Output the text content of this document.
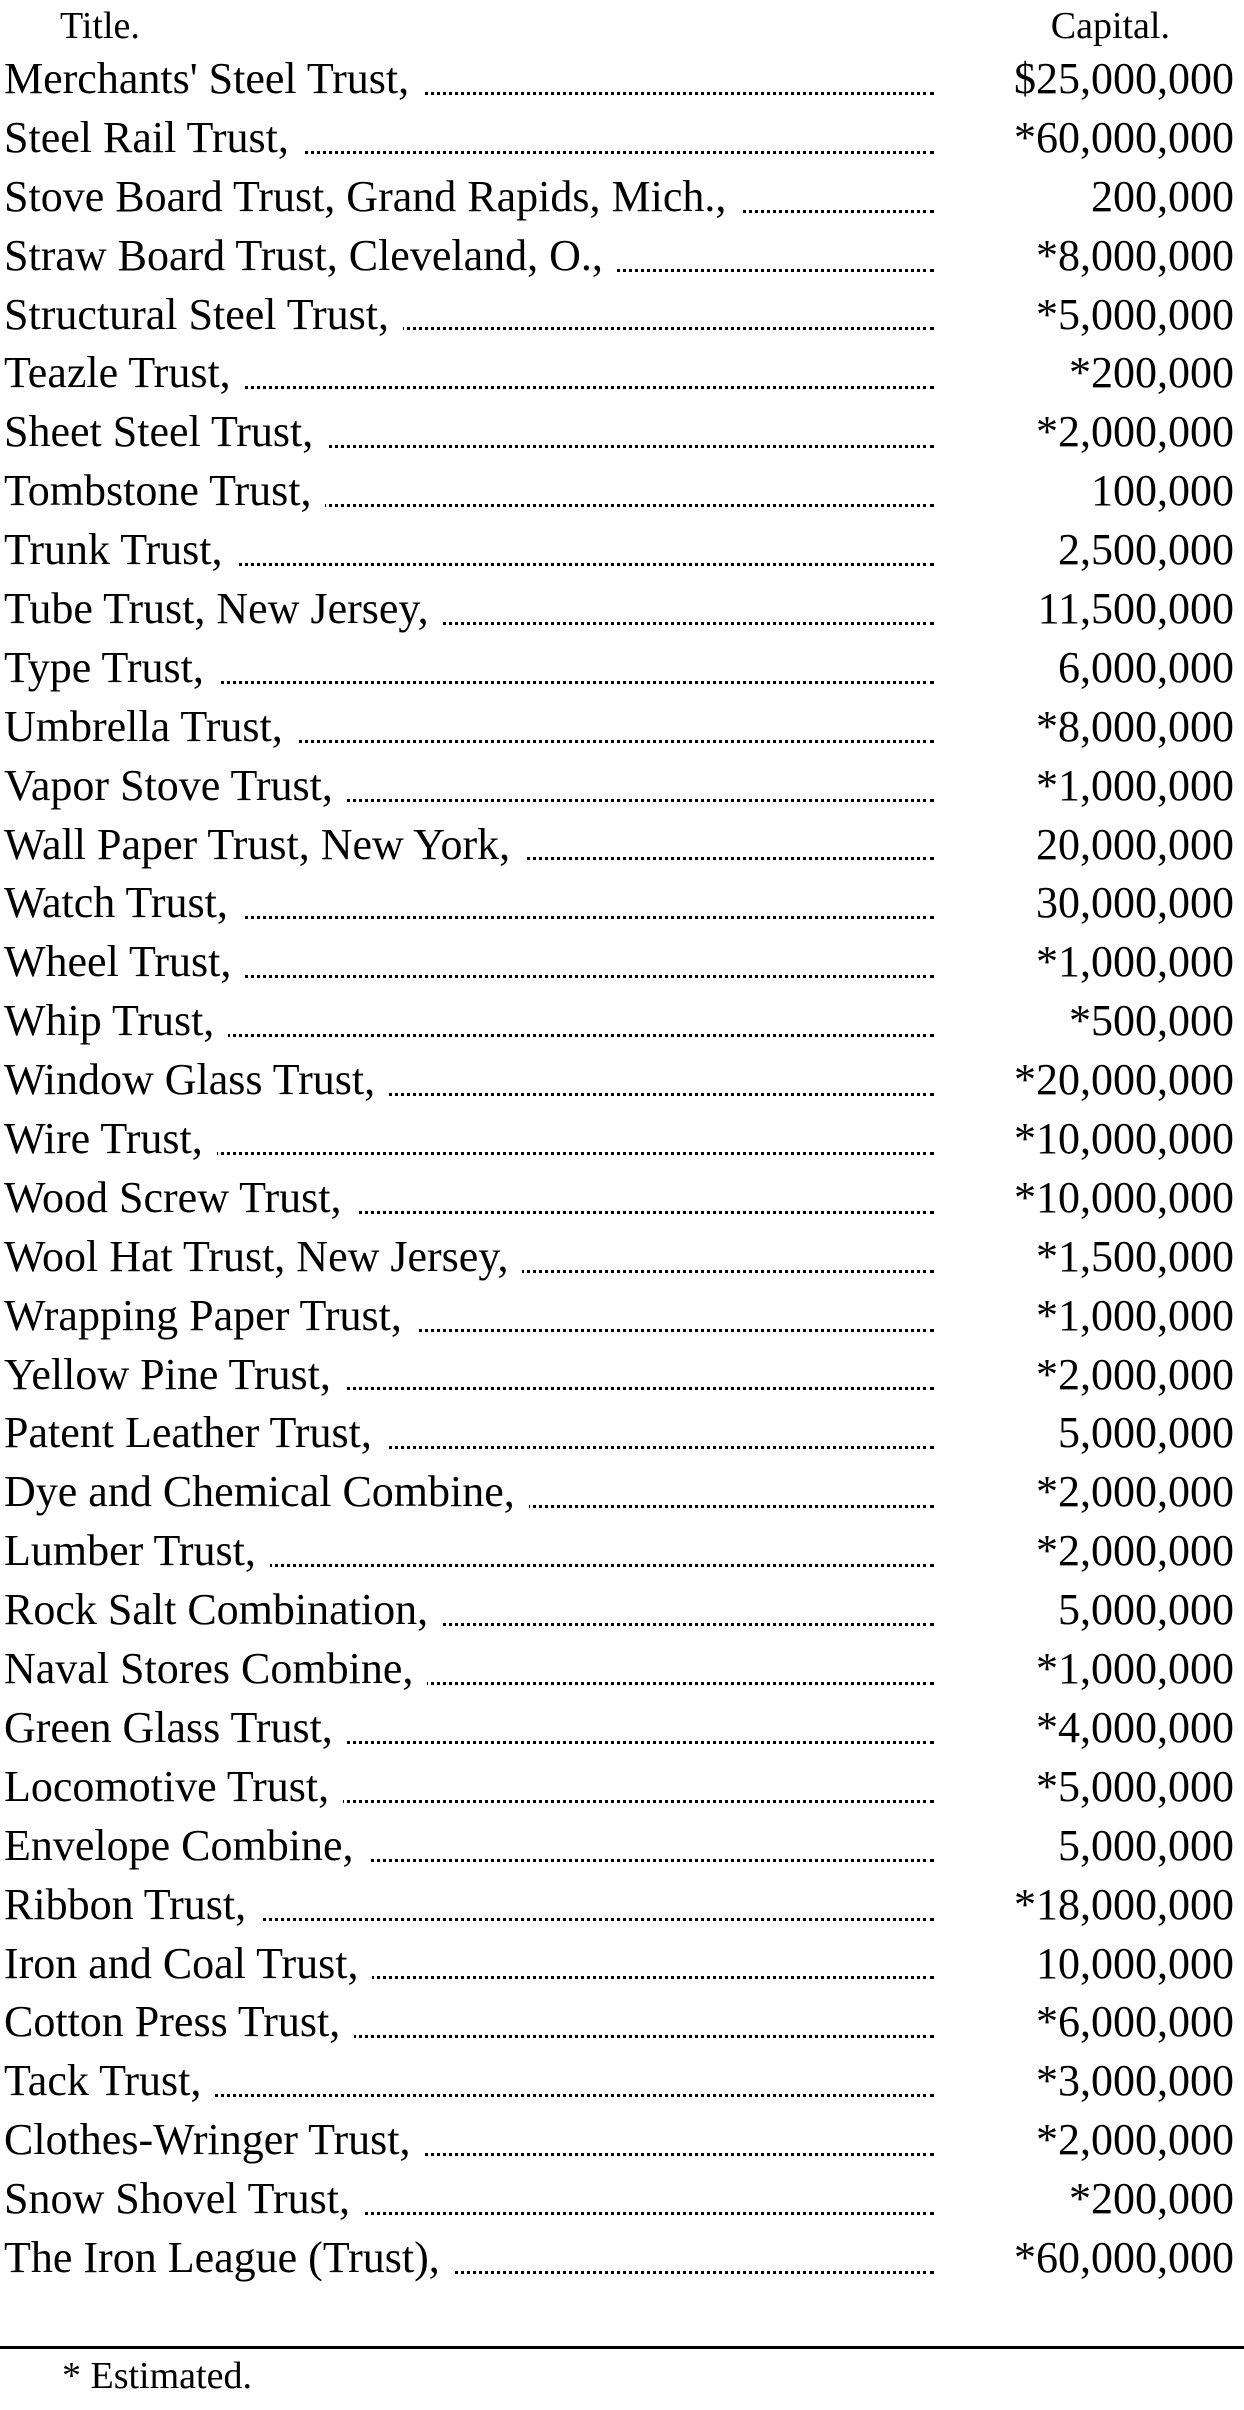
Title.	Capital.
Merchants' Steel Trust,	$25,000,000
Steel Rail Trust,	*60,000,000
Stove Board Trust, Grand Rapids, Mich.,	200,000
Straw Board Trust, Cleveland, O.,	*8,000,000
Structural Steel Trust,	*5,000,000
Teazle Trust,	*200,000
Sheet Steel Trust,	*2,000,000
Tombstone Trust,	100,000
Trunk Trust,	2,500,000
Tube Trust, New Jersey,	11,500,000
Type Trust,	6,000,000
Umbrella Trust,	*8,000,000
Vapor Stove Trust,	*1,000,000
Wall Paper Trust, New York,	20,000,000
Watch Trust,	30,000,000
Wheel Trust,	*1,000,000
Whip Trust,	*500,000
Window Glass Trust,	*20,000,000
Wire Trust,	*10,000,000
Wood Screw Trust,	*10,000,000
Wool Hat Trust, New Jersey,	*1,500,000
Wrapping Paper Trust,	*1,000,000
Yellow Pine Trust,	*2,000,000
Patent Leather Trust,	5,000,000
Dye and Chemical Combine,	*2,000,000
Lumber Trust,	*2,000,000
Rock Salt Combination,	5,000,000
Naval Stores Combine,	*1,000,000
Green Glass Trust,	*4,000,000
Locomotive Trust,	*5,000,000
Envelope Combine,	5,000,000
Ribbon Trust,	*18,000,000
Iron and Coal Trust,	10,000,000
Cotton Press Trust,	*6,000,000
Tack Trust,	*3,000,000
Clothes-Wringer Trust,	*2,000,000
Snow Shovel Trust,	*200,000
The Iron League (Trust),	*60,000,000
* Estimated.
